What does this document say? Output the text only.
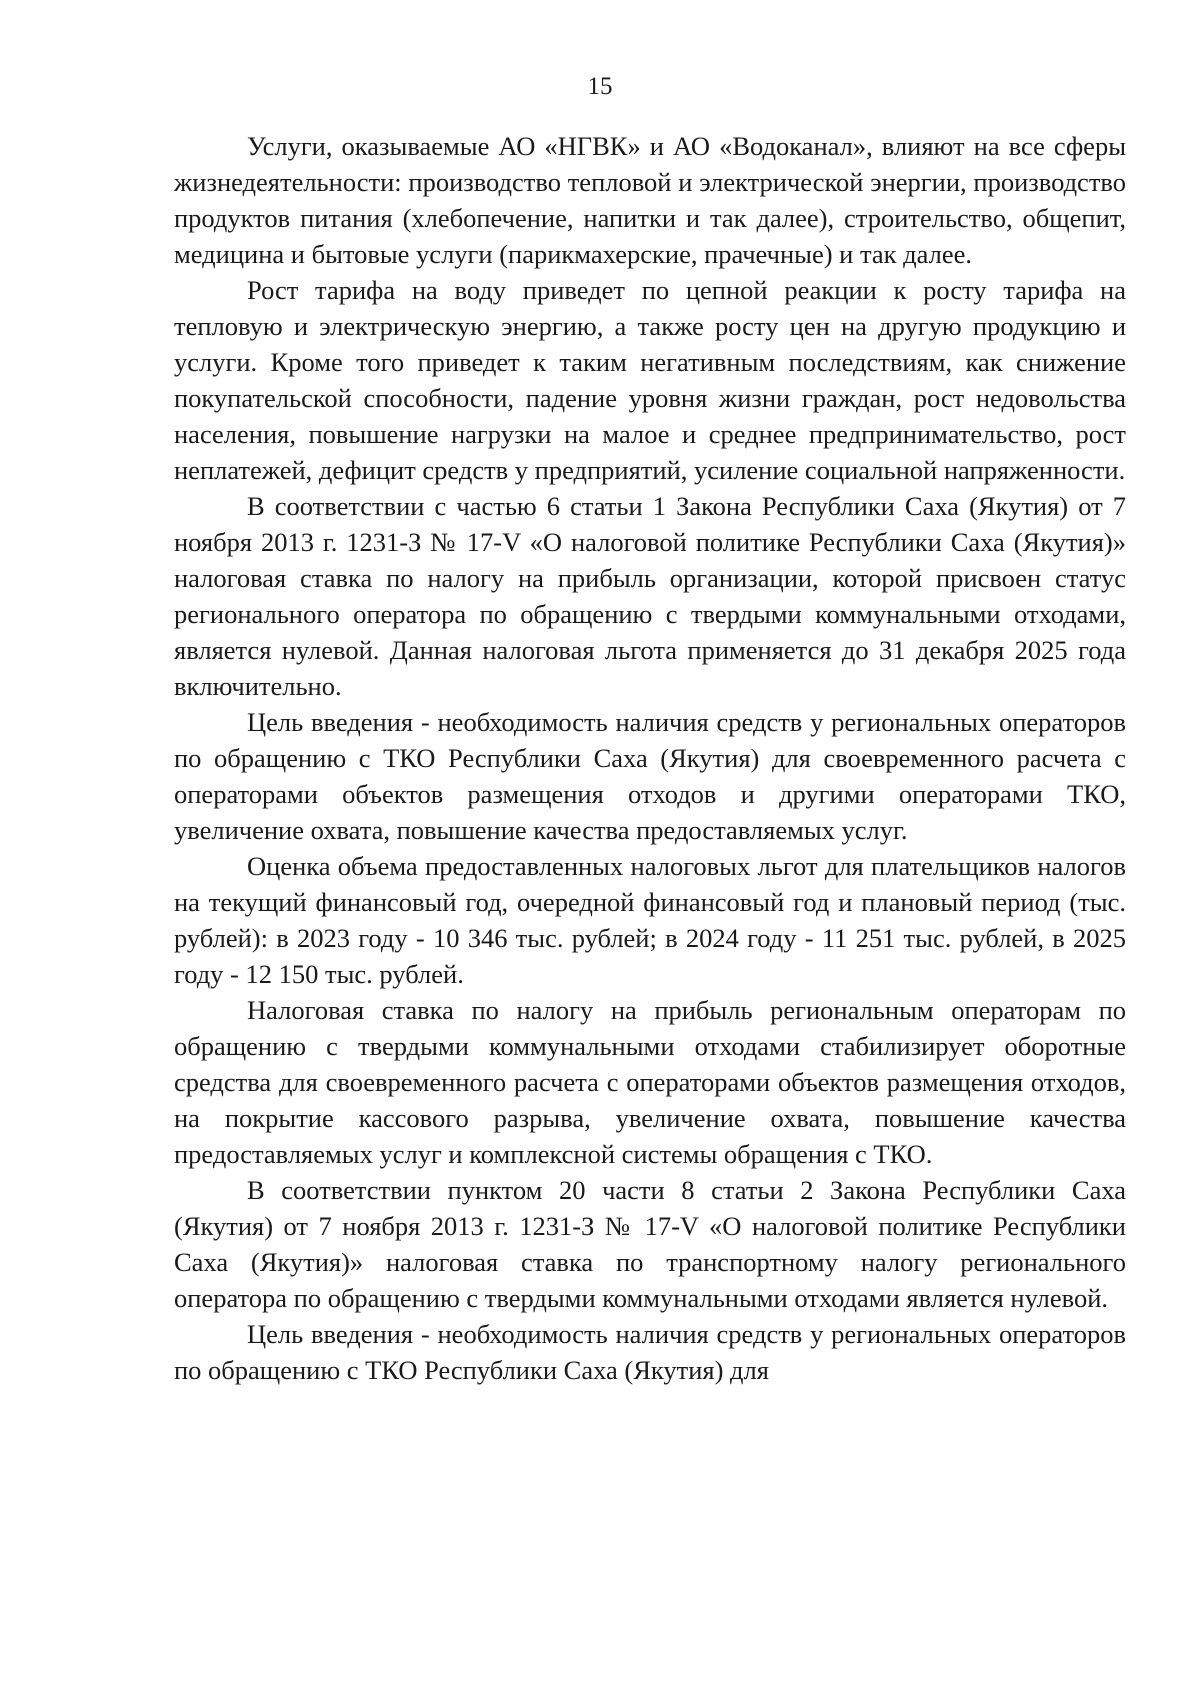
15

Услуги, оказываемые АО «НГВК» и АО «Водоканал», влияют на все сферы жизнедеятельности: производство тепловой и электрической энергии, производство продуктов питания (хлебопечение, напитки и так далее), строительство, общепит, медицина и бытовые услуги (парикмахерские, прачечные) и так далее.

Рост тарифа на воду приведет по цепной реакции к росту тарифа на тепловую и электрическую энергию, а также росту цен на другую продукцию и услуги. Кроме того приведет к таким негативным последствиям, как снижение покупательской способности, падение уровня жизни граждан, рост недовольства населения, повышение нагрузки на малое и среднее предпринимательство, рост неплатежей, дефицит средств у предприятий, усиление социальной напряженности.

В соответствии с частью 6 статьи 1 Закона Республики Саха (Якутия) от 7 ноября 2013 г. 1231-З № 17-V «О налоговой политике Республики Саха (Якутия)» налоговая ставка по налогу на прибыль организации, которой присвоен статус регионального оператора по обращению с твердыми коммунальными отходами, является нулевой. Данная налоговая льгота применяется до 31 декабря 2025 года включительно.

Цель введения - необходимость наличия средств у региональных операторов по обращению с ТКО Республики Саха (Якутия) для своевременного расчета с операторами объектов размещения отходов и другими операторами ТКО, увеличение охвата, повышение качества предоставляемых услуг.

Оценка объема предоставленных налоговых льгот для плательщиков налогов на текущий финансовый год, очередной финансовый год и плановый период (тыс. рублей): в 2023 году - 10 346 тыс. рублей; в 2024 году - 11 251 тыс. рублей, в 2025 году - 12 150 тыс. рублей.

Налоговая ставка по налогу на прибыль региональным операторам по обращению с твердыми коммунальными отходами стабилизирует оборотные средства для своевременного расчета с операторами объектов размещения отходов, на покрытие кассового разрыва, увеличение охвата, повышение качества предоставляемых услуг и комплексной системы обращения с ТКО.

В соответствии пунктом 20 части 8 статьи 2 Закона Республики Саха (Якутия) от 7 ноября 2013 г. 1231-З № 17-V «О налоговой политике Республики Саха (Якутия)» налоговая ставка по транспортному налогу регионального оператора по обращению с твердыми коммунальными отходами является нулевой.

Цель введения - необходимость наличия средств у региональных операторов по обращению с ТКО Республики Саха (Якутия) для
